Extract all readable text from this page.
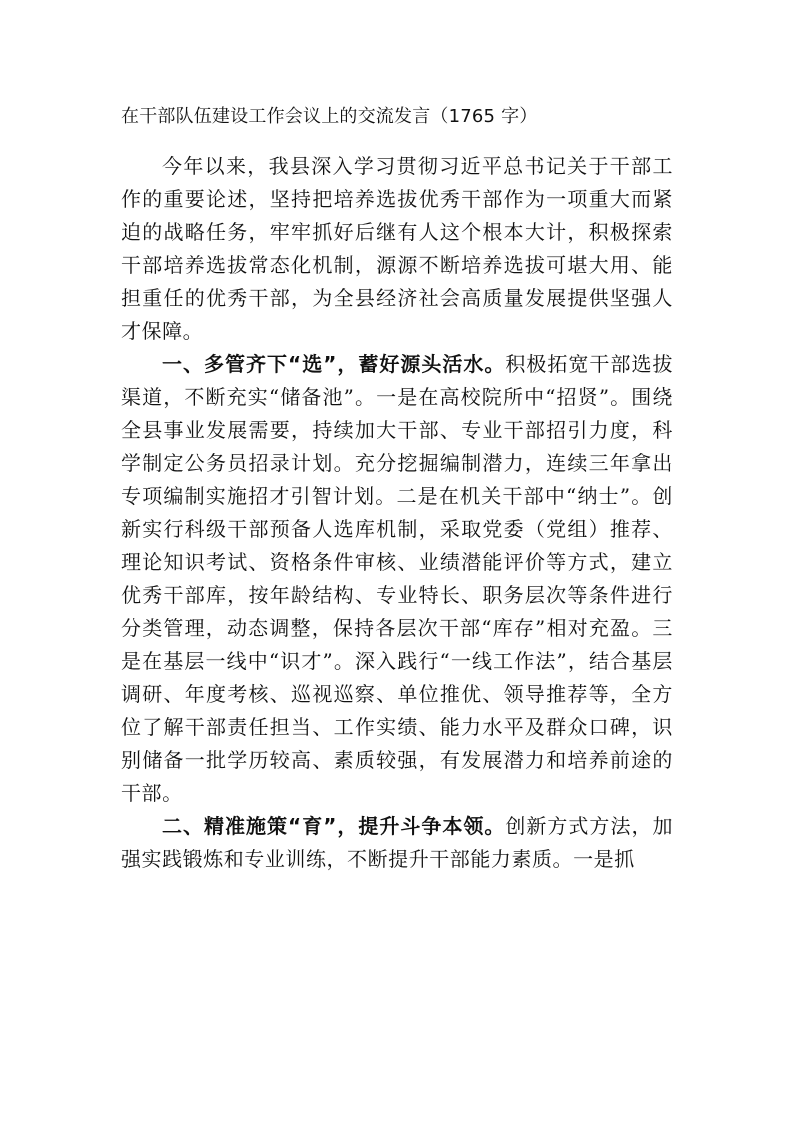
在干部队伍建设工作会议上的交流发言（1765 字）

今年以来，我县深入学习贯彻习近平总书记关于干部工作的重要论述，坚持把培养选拔优秀干部作为一项重大而紧迫的战略任务，牢牢抓好后继有人这个根本大计，积极探索干部培养选拔常态化机制，源源不断培养选拔可堪大用、能担重任的优秀干部，为全县经济社会高质量发展提供坚强人才保障。

一、多管齐下“选”，蓄好源头活水。积极拓宽干部选拔渠道，不断充实“储备池”。一是在高校院所中“招贤”。围绕全县事业发展需要，持续加大干部、专业干部招引力度，科学制定公务员招录计划。充分挖掘编制潜力，连续三年拿出专项编制实施招才引智计划。二是在机关干部中“纳士”。创新实行科级干部预备人选库机制，采取党委（党组）推荐、理论知识考试、资格条件审核、业绩潜能评价等方式，建立优秀干部库，按年龄结构、专业特长、职务层次等条件进行分类管理，动态调整，保持各层次干部“库存”相对充盈。三是在基层一线中“识才”。深入践行“一线工作法”，结合基层调研、年度考核、巡视巡察、单位推优、领导推荐等，全方位了解干部责任担当、工作实绩、能力水平及群众口碑，识别储备一批学历较高、素质较强，有发展潜力和培养前途的干部。

二、精准施策“育”，提升斗争本领。创新方式方法，加强实践锻炼和专业训练，不断提升干部能力素质。一是抓
